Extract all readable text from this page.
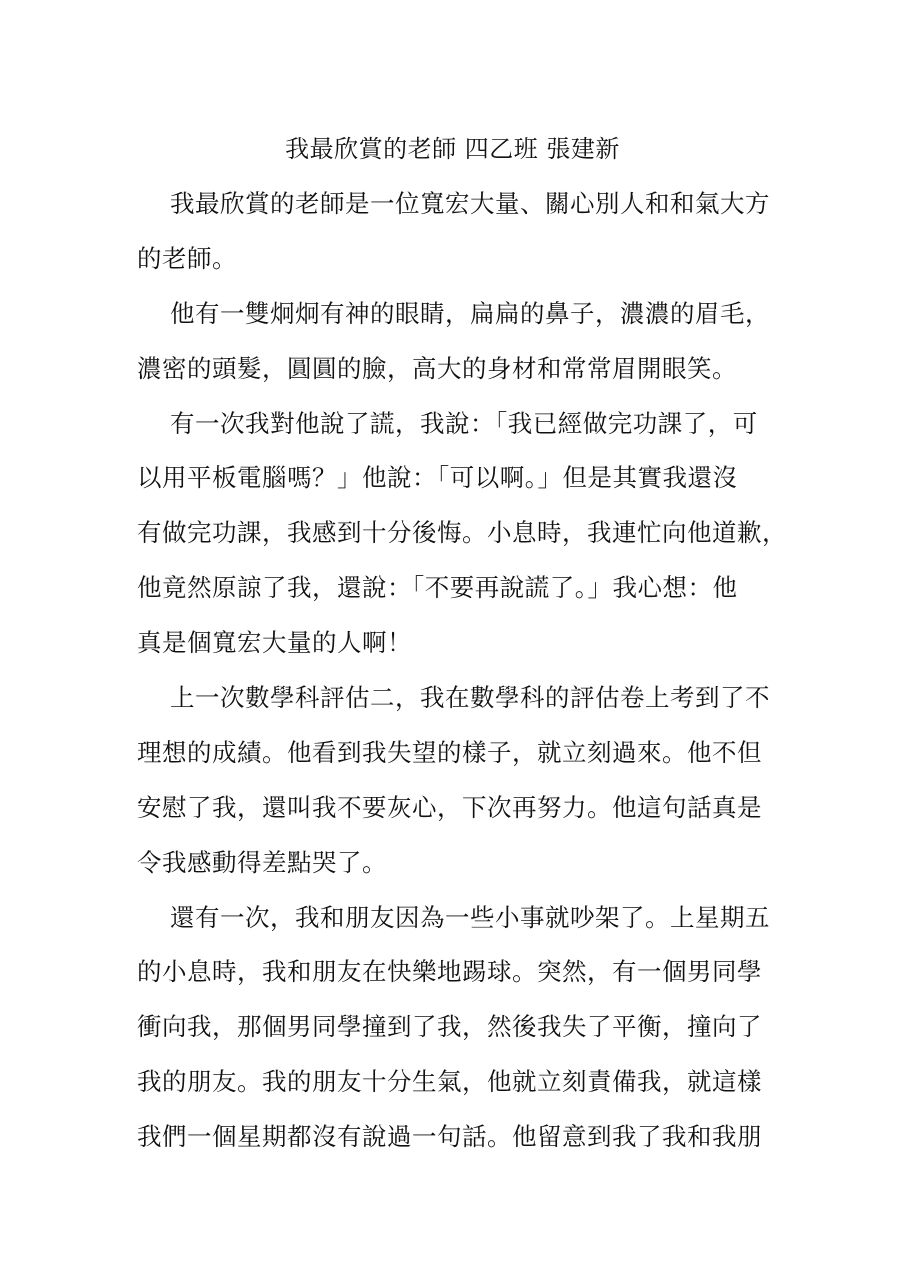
我最欣賞的老師 四乙班 張建新
我最欣賞的老師是一位寬宏大量、關心別人和和氣大方
的老師。
他有一雙炯炯有神的眼睛，扁扁的鼻子，濃濃的眉毛，
濃密的頭髮，圓圓的臉，高大的身材和常常眉開眼笑。
有一次我對他說了謊，我說：「我已經做完功課了，可
以用平板電腦嗎？」他說：「可以啊。」但是其實我還沒
有做完功課，我感到十分後悔。小息時，我連忙向他道歉，
他竟然原諒了我，還說：「不要再說謊了。」我心想：他
真是個寬宏大量的人啊！
上一次數學科評估二，我在數學科的評估卷上考到了不
理想的成績。他看到我失望的樣子，就立刻過來。他不但
安慰了我，還叫我不要灰心，下次再努力。他這句話真是
令我感動得差點哭了。
還有一次，我和朋友因為一些小事就吵架了。上星期五
的小息時，我和朋友在快樂地踢球。突然，有一個男同學
衝向我，那個男同學撞到了我，然後我失了平衡，撞向了
我的朋友。我的朋友十分生氣，他就立刻責備我，就這樣
我們一個星期都沒有說過一句話。他留意到我了我和我朋
